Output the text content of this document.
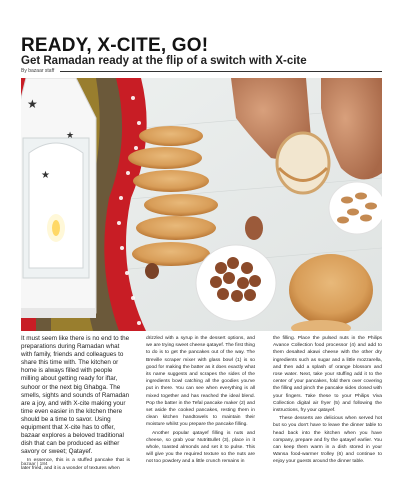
READY, X-CITE, GO!
Get Ramadan ready at the flip of a switch with X-cite
By bazaar staff
★
★
★

It must seem like there is no end to the preparations during Ramadan what with family, friends and colleagues to share this time with. The kitchen or home is always filled with people milling about getting ready for iftar, suhoor or the next big Ghabga. The smells, sights and sounds of Ramadan are a joy, and with X-cite making your time even easier in the kitchen there should be a time to savor. Using equipment that X-cite has to offer, bazaar explores a beloved traditional dish that can be produced as either savory or sweet; Qatayef.

In essence, this is a stuffed pancake that is later fried, and it is a wonder of textures when

drizzled with a syrup in the dessert options, and we are trying sweet cheese qatayef. The first thing to do is to get the pancakes out of the way. The Breville scraper mixer with glass bowl (1) is so good for making the batter as it does exactly what its name suggests and scrapes the sides of the ingredients bowl catching all the goodies you've put in there. You can see when everything is all mixed together and has reached the ideal blend. Pop the batter in the Tefal pancake maker (2) and set aside the cooked pancakes, resting them in clean kitchen handtowels to maintain their moisture whilst you prepare the pancake filling.

Another popular qatayef filling is nuts and cheese, so grab your NutriBullet (3), place in it whole, toasted almonds and set it to pulse. This will give you the required texture so the nuts are not too powdery and a little crunch remains in

the filling. Place the pulsed nuts in the Philips Avance Collection food processor (4) and add to them desalted akawi cheese with the other dry ingredients such as sugar and a little mozzarella, and then add a splash of orange blossom and rose water. Next, take your stuffing add it to the center of your pancakes, fold them over covering the filling and pinch the pancake sides closed with your fingers. Take these to your Philips Viva Collection digital air fryer (5) and following the instructions, fry your qatayef.

These desserts are delicious when served hot but so you don't have to leave the dinner table to head back into the kitchen when you have company, prepare and fry the qatayef earlier. You can keep them warm in a dish stored in your Wansa food-warmer trolley (6) and continue to enjoy your guests around the dinner table.

bazaar | 184
